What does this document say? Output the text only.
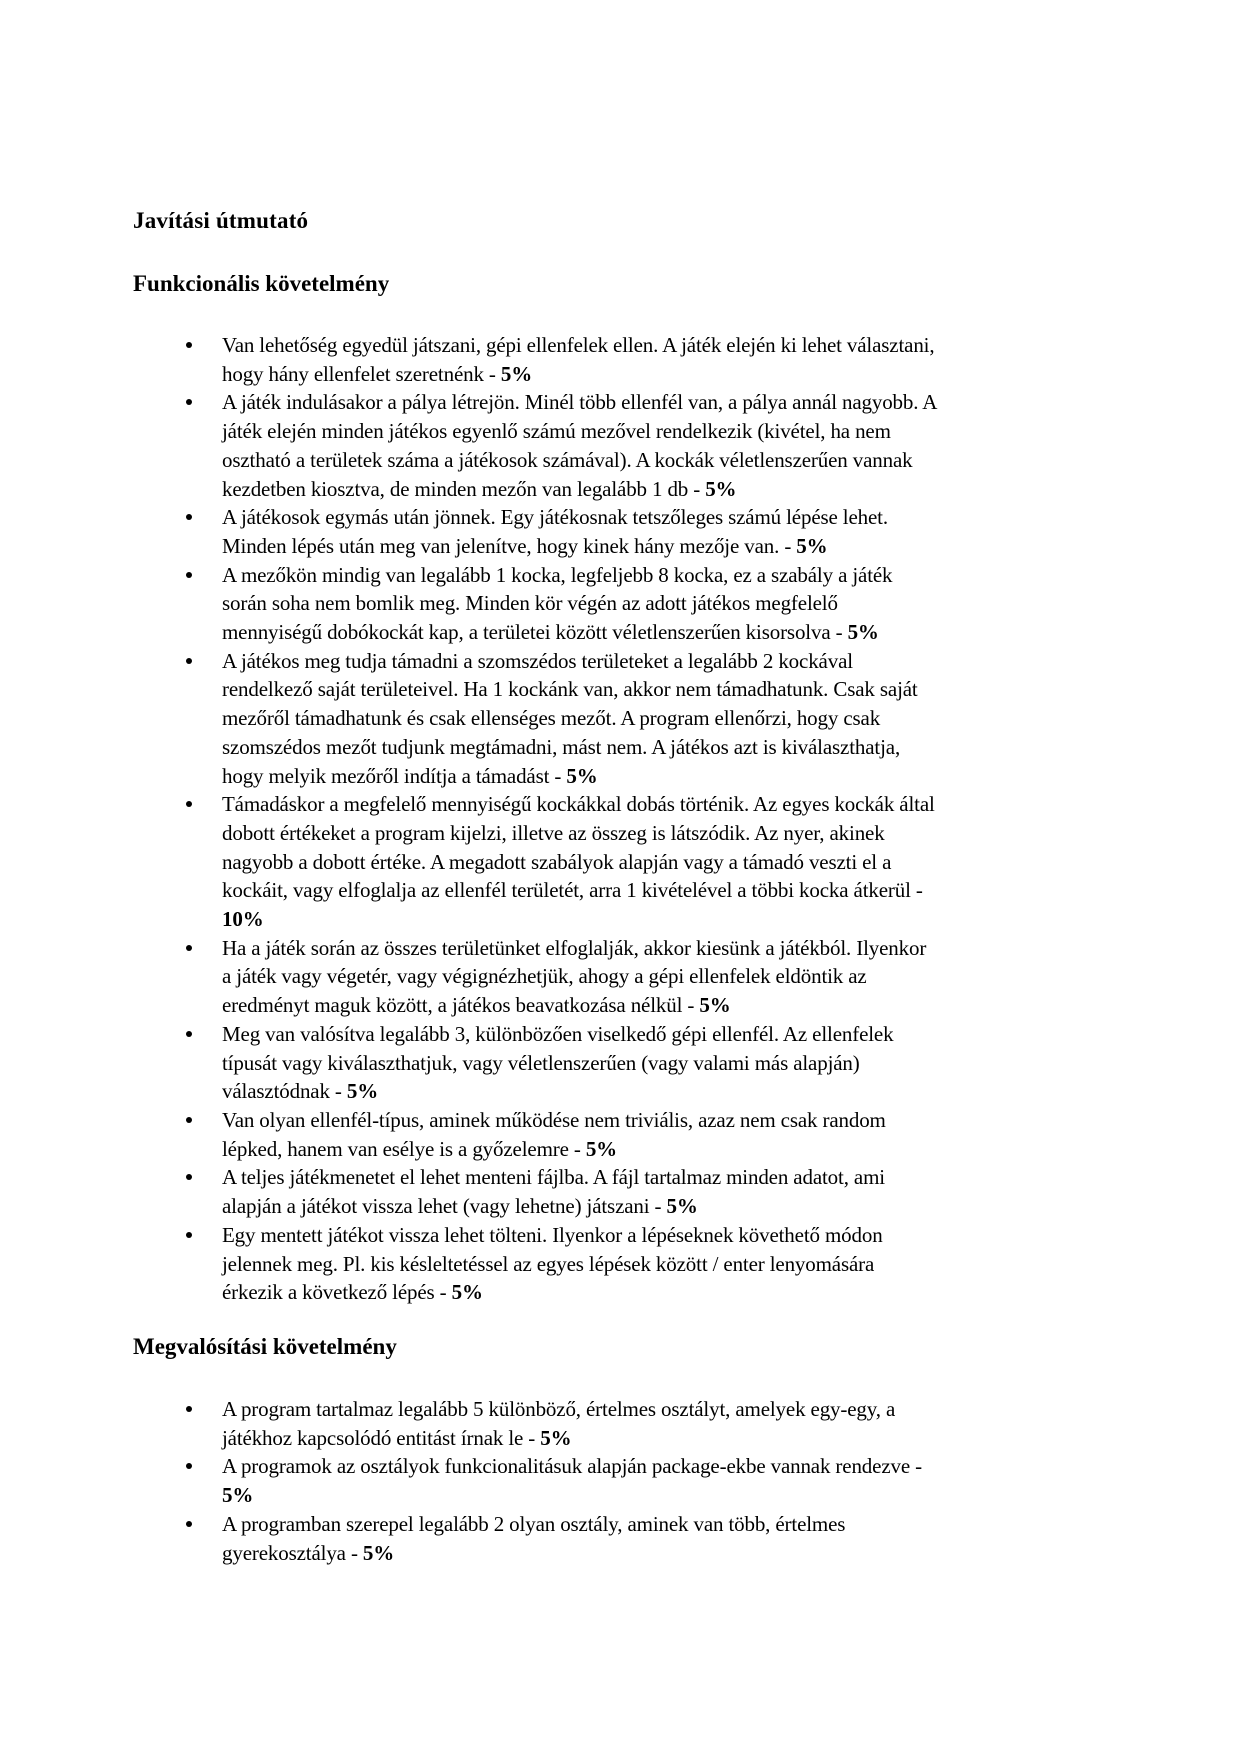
Javítási útmutató
Funkcionális követelmény
Van lehetőség egyedül játszani, gépi ellenfelek ellen. A játék elején ki lehet választani,
hogy hány ellenfelet szeretnénk - 5%
A játék indulásakor a pálya létrejön. Minél több ellenfél van, a pálya annál nagyobb. A
játék elején minden játékos egyenlő számú mezővel rendelkezik (kivétel, ha nem
osztható a területek száma a játékosok számával). A kockák véletlenszerűen vannak
kezdetben kiosztva, de minden mezőn van legalább 1 db - 5%
A játékosok egymás után jönnek. Egy játékosnak tetszőleges számú lépése lehet.
Minden lépés után meg van jelenítve, hogy kinek hány mezője van. - 5%
A mezőkön mindig van legalább 1 kocka, legfeljebb 8 kocka, ez a szabály a játék
során soha nem bomlik meg. Minden kör végén az adott játékos megfelelő
mennyiségű dobókockát kap, a területei között véletlenszerűen kisorsolva - 5%
A játékos meg tudja támadni a szomszédos területeket a legalább 2 kockával
rendelkező saját területeivel. Ha 1 kockánk van, akkor nem támadhatunk. Csak saját
mezőről támadhatunk és csak ellenséges mezőt. A program ellenőrzi, hogy csak
szomszédos mezőt tudjunk megtámadni, mást nem. A játékos azt is kiválaszthatja,
hogy melyik mezőről indítja a támadást - 5%
Támadáskor a megfelelő mennyiségű kockákkal dobás történik. Az egyes kockák által
dobott értékeket a program kijelzi, illetve az összeg is látszódik. Az nyer, akinek
nagyobb a dobott értéke. A megadott szabályok alapján vagy a támadó veszti el a
kockáit, vagy elfoglalja az ellenfél területét, arra 1 kivételével a többi kocka átkerül -
10%
Ha a játék során az összes területünket elfoglalják, akkor kiesünk a játékból. Ilyenkor
a játék vagy végetér, vagy végignézhetjük, ahogy a gépi ellenfelek eldöntik az
eredményt maguk között, a játékos beavatkozása nélkül - 5%
Meg van valósítva legalább 3, különbözően viselkedő gépi ellenfél. Az ellenfelek
típusát vagy kiválaszthatjuk, vagy véletlenszerűen (vagy valami más alapján)
választódnak - 5%
Van olyan ellenfél-típus, aminek működése nem triviális, azaz nem csak random
lépked, hanem van esélye is a győzelemre - 5%
A teljes játékmenetet el lehet menteni fájlba. A fájl tartalmaz minden adatot, ami
alapján a játékot vissza lehet (vagy lehetne) játszani - 5%
Egy mentett játékot vissza lehet tölteni. Ilyenkor a lépéseknek követhető módon
jelennek meg. Pl. kis késleltetéssel az egyes lépések között / enter lenyomására
érkezik a következő lépés - 5%
Megvalósítási követelmény
A program tartalmaz legalább 5 különböző, értelmes osztályt, amelyek egy-egy, a
játékhoz kapcsolódó entitást írnak le - 5%
A programok az osztályok funkcionalitásuk alapján package-ekbe vannak rendezve -
5%
A programban szerepel legalább 2 olyan osztály, aminek van több, értelmes
gyerekosztálya - 5%
